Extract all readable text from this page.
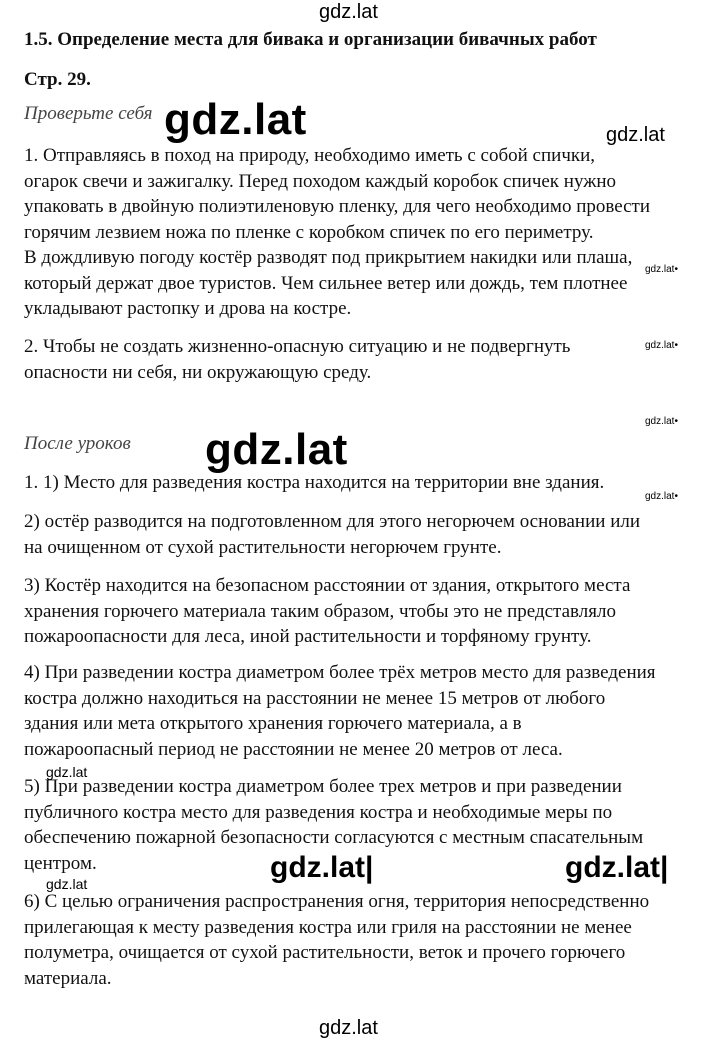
1.5. Определение места для бивака и организации бивачных работ
Стр. 29.
Проверьте себя
1. Отправляясь в поход на природу, необходимо иметь с собой спички,
огарок свечи и зажигалку. Перед походом каждый коробок спичек нужно
упаковать в двойную полиэтиленовую пленку, для чего необходимо провести
горячим лезвием ножа по пленке с коробком спичек по его периметру.
В дождливую погоду костёр разводят под прикрытием накидки или плаша,
который держат двое туристов. Чем сильнее ветер или дождь, тем плотнее
укладывают растопку и дрова на костре.
2. Чтобы не создать жизненно-опасную ситуацию и не подвергнуть
опасности ни себя, ни окружающую среду.
После уроков
1. 1) Место для разведения костра находится на территории вне здания.
2) остёр разводится на подготовленном для этого негорючем основании или
на очищенном от сухой растительности негорючем грунте.
3) Костёр находится на безопасном расстоянии от здания, открытого места
хранения горючего материала таким образом, чтобы это не представляло
пожароопасности для леса, иной растительности и торфяному грунту.
4) При разведении костра диаметром более трёх метров место для разведения
костра должно находиться на расстоянии не менее 15 метров от любого
здания или мета открытого хранения горючего материала, а в
пожароопасный период не расстоянии не менее 20 метров от леса.
5) При разведении костра диаметром более трех метров и при разведении
публичного костра место для разведения костра и необходимые меры по
обеспечению пожарной безопасности согласуются с местным спасательным
центром.
6) С целью ограничения распространения огня, территория непосредственно
прилегающая к месту разведения костра или гриля на расстоянии не менее
полуметра, очищается от сухой растительности, веток и прочего горючего
материала.
gdz.lat
gdz.lat	gdz.lat
gdz.lat•
gdz.lat•
gdz.lat•
gdz.lat
gdz.lat•
gdz.lat
gdz.lat|	gdz.lat|
gdz.lat
gdz.lat
